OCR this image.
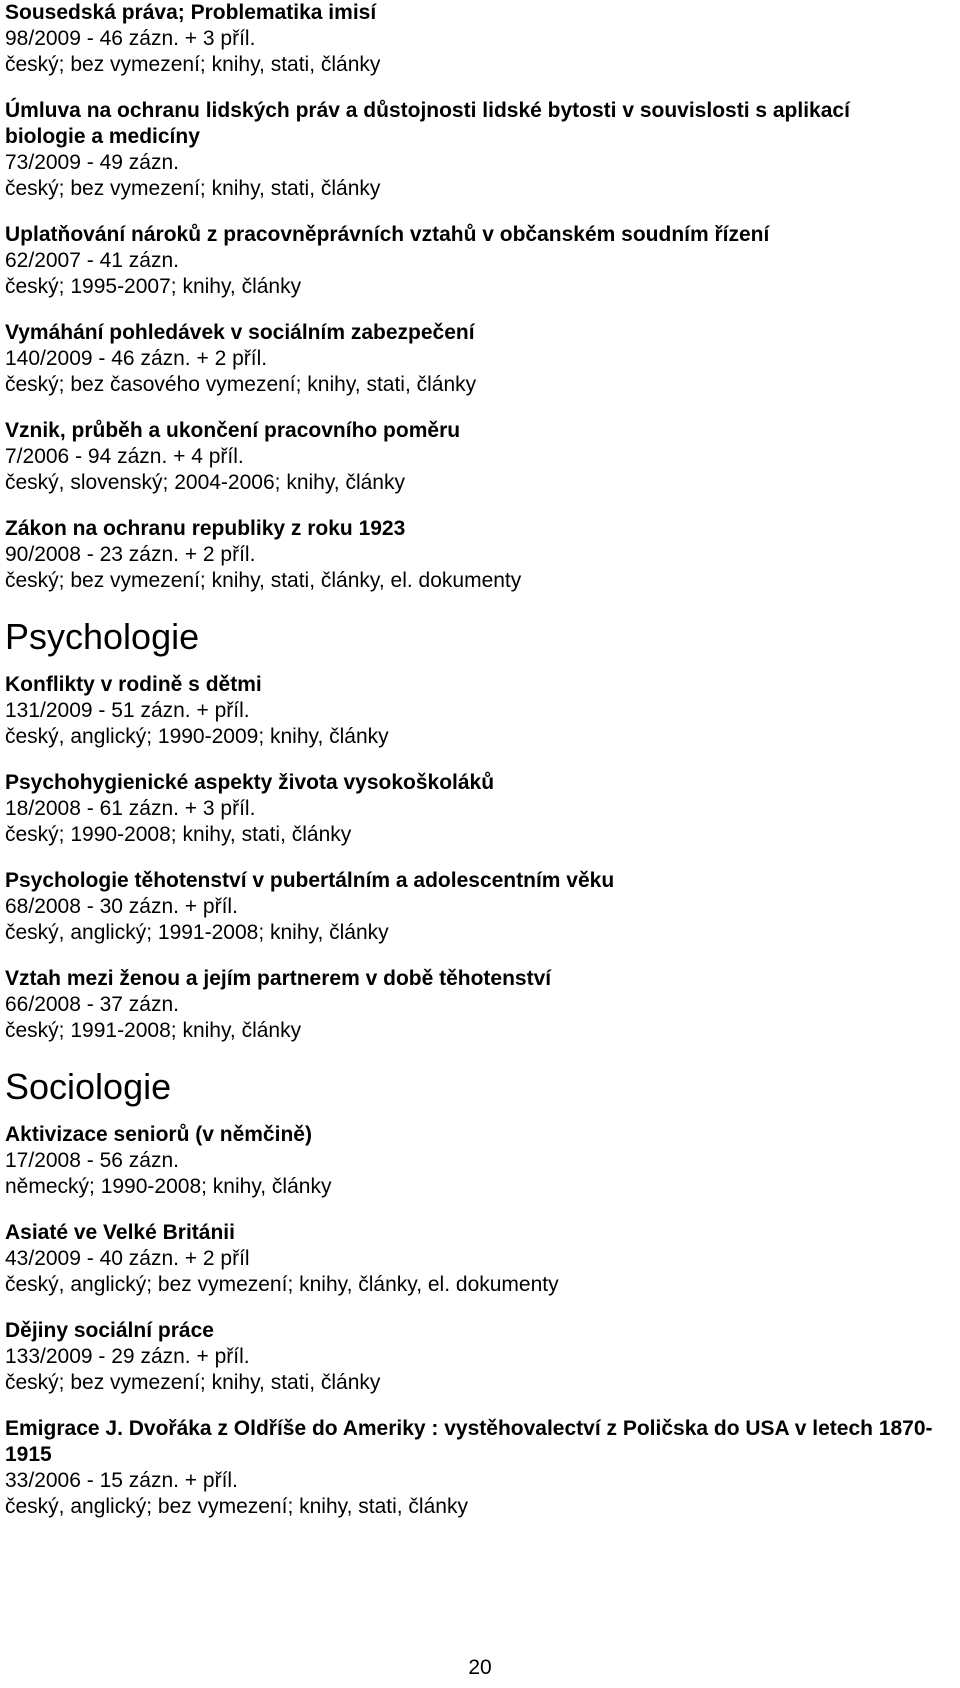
Sousedská práva; Problematika imisí
98/2009 - 46 zázn. + 3 příl.
český; bez vymezení; knihy, stati, články
Úmluva na ochranu lidských práv a důstojnosti lidské bytosti v souvislosti s aplikací biologie a medicíny
73/2009 - 49 zázn.
český; bez vymezení; knihy, stati, články
Uplatňování nároků z pracovněprávních vztahů v občanském soudním řízení
62/2007 - 41 zázn.
český; 1995-2007; knihy, články
Vymáhání pohledávek v sociálním zabezpečení
140/2009 - 46 zázn. + 2 příl.
český; bez časového vymezení; knihy, stati, články
Vznik, průběh a ukončení pracovního poměru
7/2006 - 94 zázn. + 4 příl.
český, slovenský; 2004-2006; knihy, články
Zákon na ochranu republiky z roku 1923
90/2008 - 23 zázn. + 2 příl.
český; bez vymezení; knihy, stati, články, el. dokumenty
Psychologie
Konflikty v rodině s dětmi
131/2009 - 51 zázn. + příl.
český, anglický; 1990-2009; knihy, články
Psychohygienické aspekty života vysokoškoláků
18/2008 - 61 zázn. + 3 příl.
český; 1990-2008; knihy, stati, články
Psychologie těhotenství v pubertálním a adolescentním věku
68/2008 - 30 zázn. + příl.
český, anglický; 1991-2008; knihy, články
Vztah mezi ženou a jejím partnerem v době těhotenství
66/2008 - 37 zázn.
český; 1991-2008; knihy, články
Sociologie
Aktivizace seniorů (v němčině)
17/2008 - 56 zázn.
německý; 1990-2008; knihy, články
Asiaté ve Velké Británii
43/2009 - 40 zázn. + 2 příl
český, anglický; bez vymezení; knihy, články, el. dokumenty
Dějiny sociální práce
133/2009 - 29 zázn. + příl.
český; bez vymezení; knihy, stati, články
Emigrace J. Dvořáka z Oldříše do Ameriky : vystěhovalectví z Poličska do USA v letech 1870-1915
33/2006 - 15 zázn. + příl.
český, anglický; bez vymezení; knihy, stati, články
20
